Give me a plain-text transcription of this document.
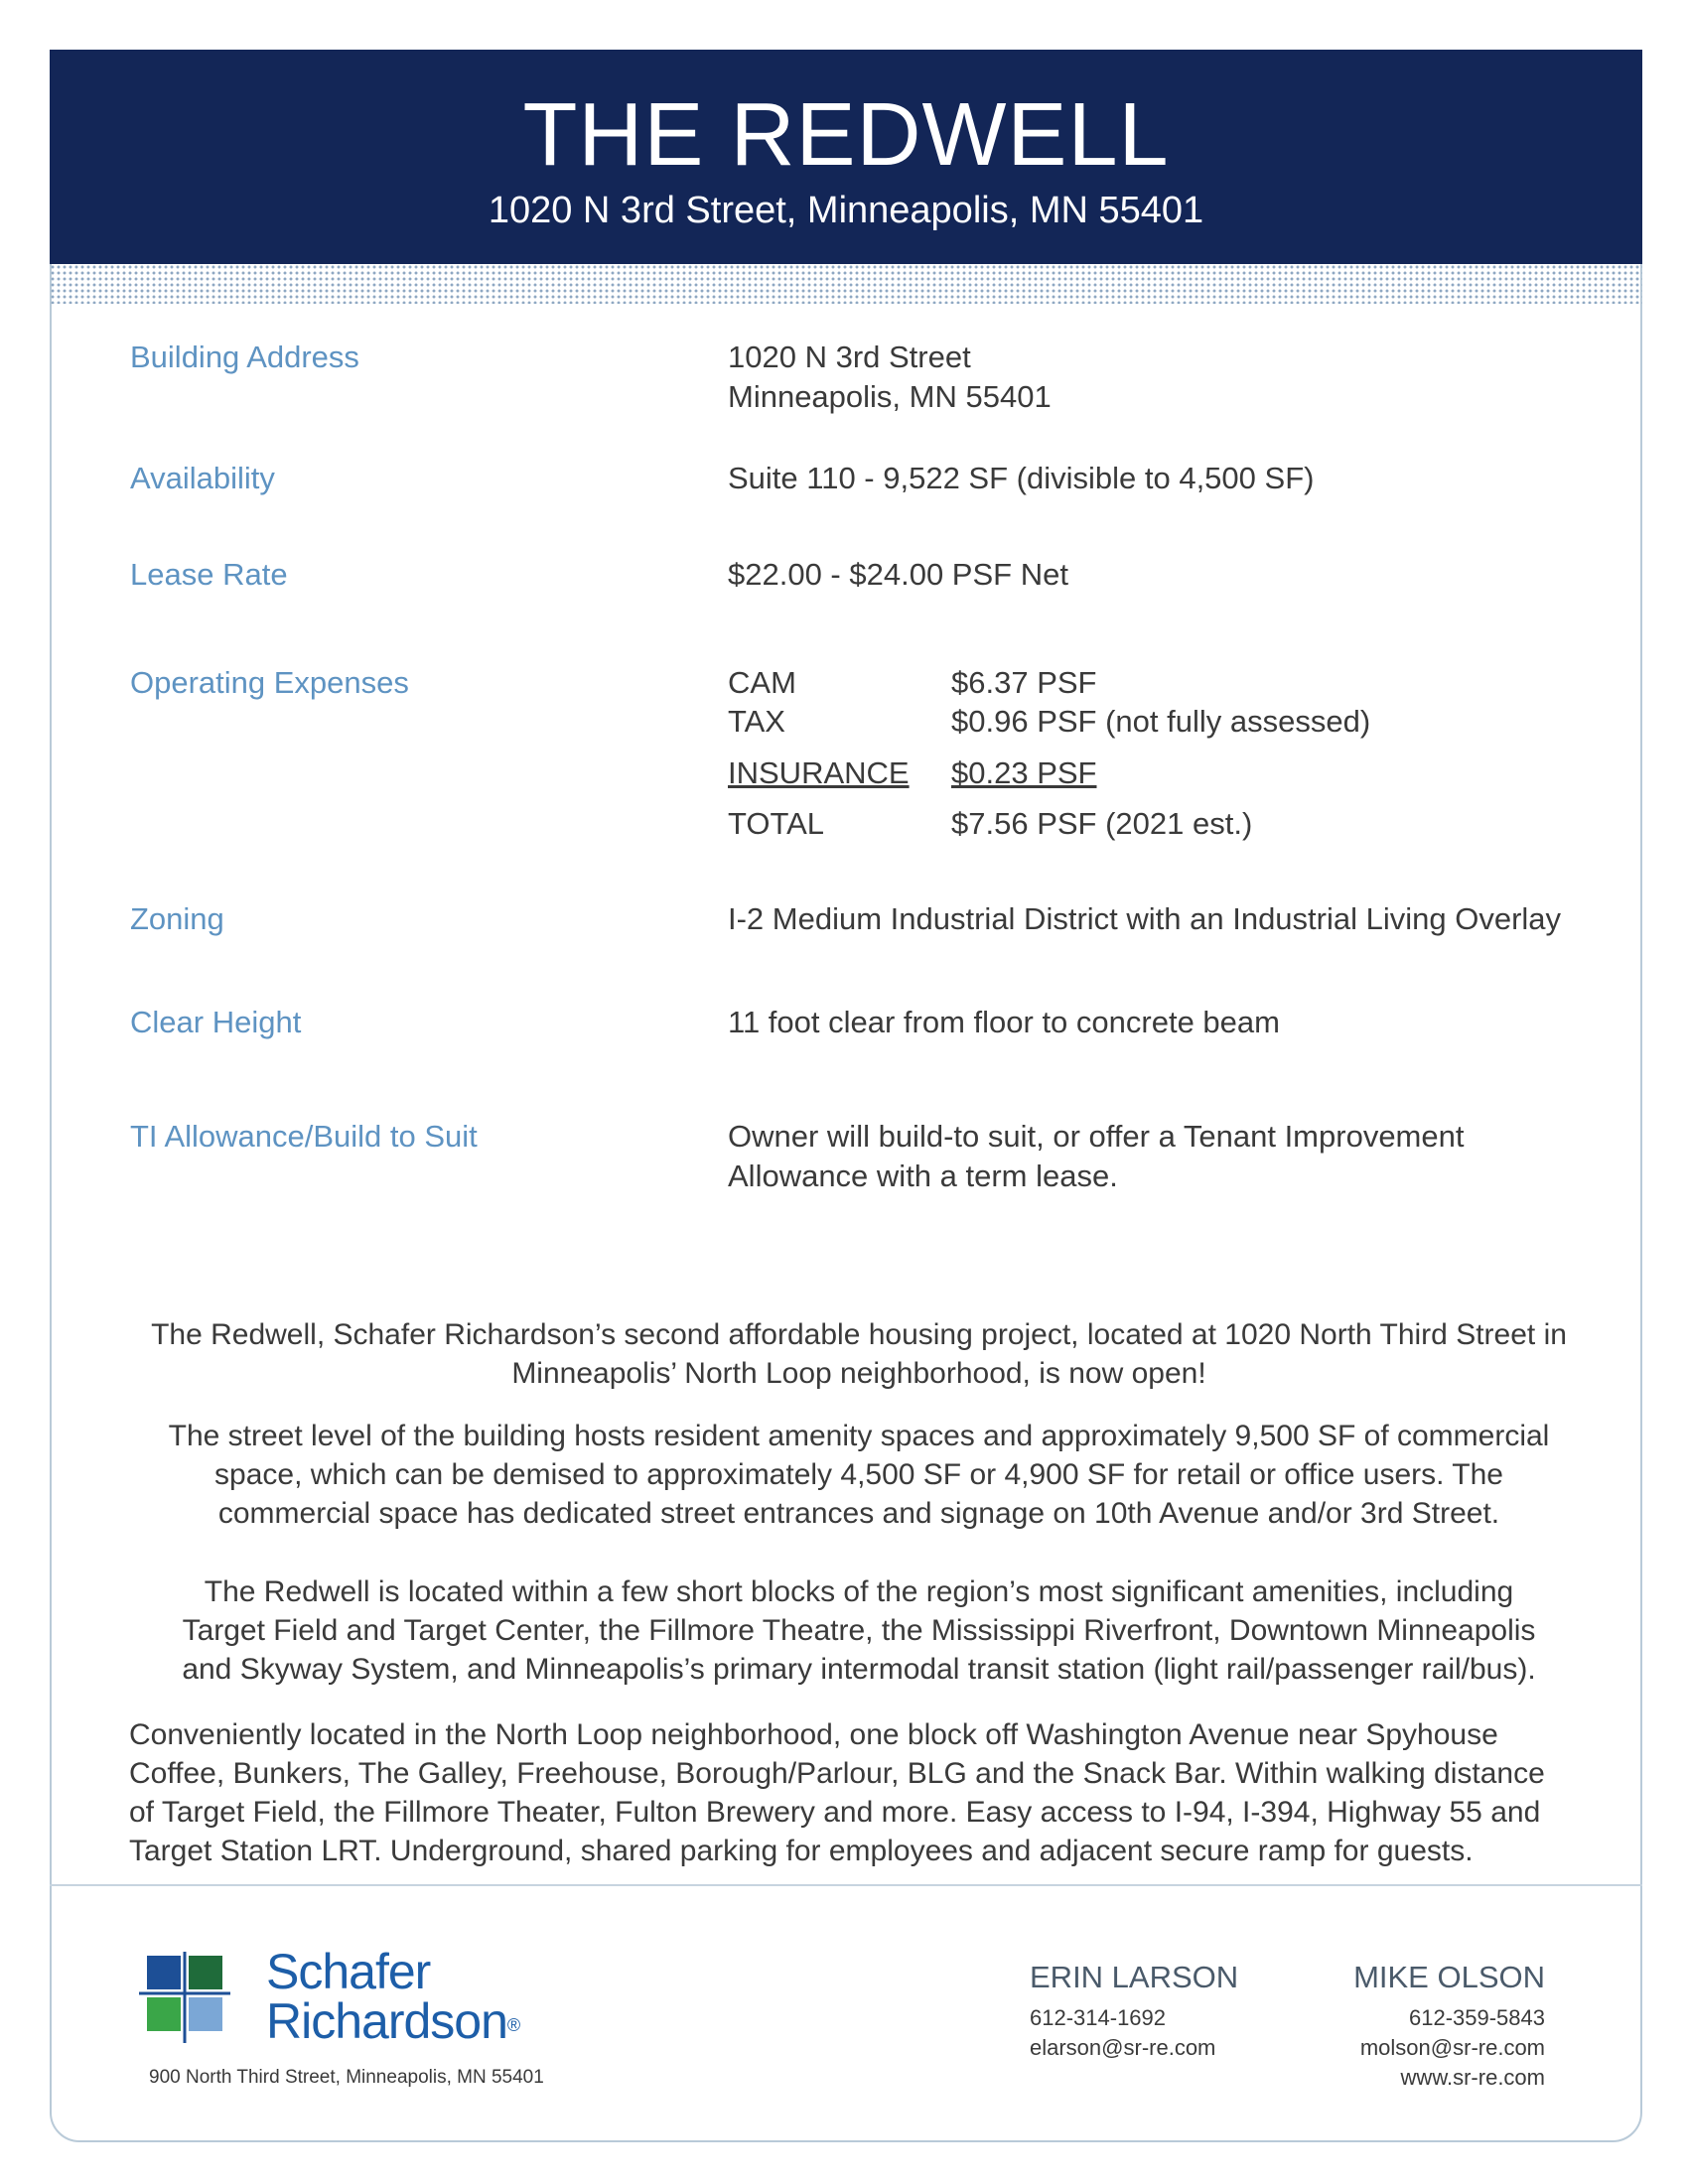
THE REDWELL
1020 N 3rd Street, Minneapolis, MN 55401
Building Address	1020 N 3rd Street
Minneapolis, MN 55401
Availability	Suite 110 - 9,522 SF (divisible to 4,500 SF)
Lease Rate	$22.00 - $24.00 PSF Net
Operating Expenses	CAM	$6.37 PSF
TAX	$0.96 PSF (not fully assessed)
INSURANCE $0.23 PSF
TOTAL	$7.56 PSF (2021 est.)
Zoning	I-2 Medium Industrial District with an Industrial Living Overlay
Clear Height	11 foot clear from floor to concrete beam
TI Allowance/Build to Suit	Owner will build-to suit, or offer a Tenant Improvement
Allowance with a term lease.
The Redwell, Schafer Richardson’s second affordable housing project, located at 1020 North Third Street in
Minneapolis’ North Loop neighborhood, is now open!
The street level of the building hosts resident amenity spaces and approximately 9,500 SF of commercial
space, which can be demised to approximately 4,500 SF or 4,900 SF for retail or office users. The
commercial space has dedicated street entrances and signage on 10th Avenue and/or 3rd Street.
The Redwell is located within a few short blocks of the region’s most significant amenities, including
Target Field and Target Center, the Fillmore Theatre, the Mississippi Riverfront, Downtown Minneapolis
and Skyway System, and Minneapolis’s primary intermodal transit station (light rail/passenger rail/bus).
Conveniently located in the North Loop neighborhood, one block off Washington Avenue near Spyhouse
Coffee, Bunkers, The Galley, Freehouse, Borough/Parlour, BLG and the Snack Bar. Within walking distance
of Target Field, the Fillmore Theater, Fulton Brewery and more. Easy access to I-94, I-394, Highway 55 and
Target Station LRT. Underground, shared parking for employees and adjacent secure ramp for guests.
Schafer
Richardson®
900 North Third Street, Minneapolis, MN 55401
ERIN LARSON
612-314-1692
elarson@sr-re.com
MIKE OLSON
612-359-5843
molson@sr-re.com
www.sr-re.com
